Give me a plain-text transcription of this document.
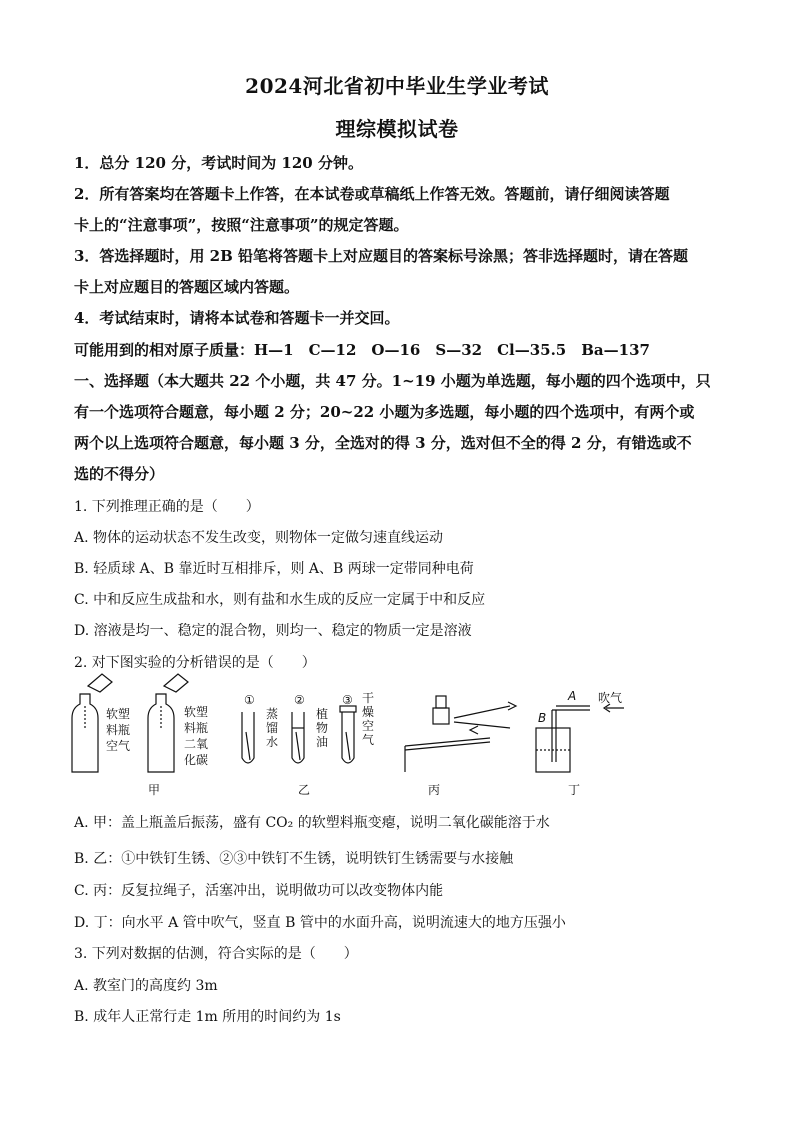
2024河北省初中毕业生学业考试
理综模拟试卷
1．总分 120 分，考试时间为 120 分钟。
2．所有答案均在答题卡上作答，在本试卷或草稿纸上作答无效。答题前，请仔细阅读答题
卡上的“注意事项”，按照“注意事项”的规定答题。
3．答选择题时，用 2B 铅笔将答题卡上对应题目的答案标号涂黑；答非选择题时，请在答题
卡上对应题目的答题区域内答题。
4．考试结束时，请将本试卷和答题卡一并交回。
可能用到的相对原子质量：H—1　C—12　O—16　S—32　Cl—35.5　Ba—137
一、选择题（本大题共 22 个小题，共 47 分。1~19 小题为单选题，每小题的四个选项中，只
有一个选项符合题意，每小题 2 分；20~22 小题为多选题，每小题的四个选项中，有两个或
两个以上选项符合题意，每小题 3 分，全选对的得 3 分，选对但不全的得 2 分，有错选或不
选的不得分）
1. 下列推理正确的是（　　）
A. 物体的运动状态不发生改变，则物体一定做匀速直线运动
B. 轻质球 A、B 靠近时互相排斥，则 A、B 两球一定带同种电荷
C. 中和反应生成盐和水，则有盐和水生成的反应一定属于中和反应
D. 溶液是均一、稳定的混合物，则均一、稳定的物质一定是溶液
2. 对下图实验的分析错误的是（　　）
软塑
料瓶
空气
软塑
料瓶
二氧
化碳
①	②	③
蒸
馏
水
植
物
油
干
燥
空
气
A
B
吹气
甲	乙	丙	丁
A. 甲：盖上瓶盖后振荡，盛有 CO₂ 的软塑料瓶变瘪，说明二氧化碳能溶于水
B. 乙：①中铁钉生锈、②③中铁钉不生锈，说明铁钉生锈需要与水接触
C. 丙：反复拉绳子，活塞冲出，说明做功可以改变物体内能
D. 丁：向水平 A 管中吹气，竖直 B 管中的水面升高，说明流速大的地方压强小
3. 下列对数据的估测，符合实际的是（　　）
A. 教室门的高度约 3m
B. 成年人正常行走 1m 所用的时间约为 1s
